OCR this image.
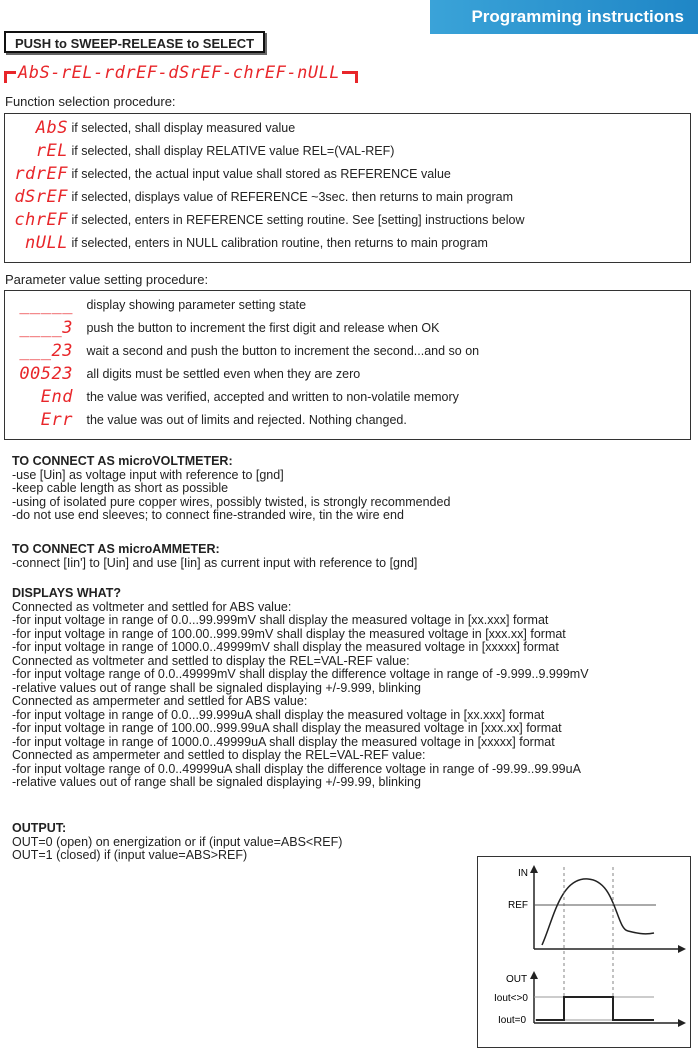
Programming instructions
PUSH to SWEEP-RELEASE to SELECT
AbS-rEL-rdrEF-dSrEF-chrEF-nULL
Function selection procedure:
AbS if selected, shall display measured value
rEL if selected, shall display RELATIVE value REL=(VAL-REF)
rdrEF if selected, the actual input value shall stored as REFERENCE value
dSrEF if selected, displays value of REFERENCE ~3sec. then returns to main program
chrEF if selected, enters in REFERENCE setting routine. See [setting] instructions below
nULL if selected, enters in NULL calibration routine, then returns to main program
Parameter value setting procedure:
_____ display showing parameter setting state
____3 push the button to increment the first digit and release when OK
___23 wait a second and push the button to increment the second...and so on
00523 all digits must be settled even when they are zero
End the value was verified, accepted and written to non-volatile memory
Err the value was out of limits and rejected. Nothing changed.
TO CONNECT AS microVOLTMETER:
-use [Uin] as voltage input with reference to [gnd]
-keep cable length as short as possible
-using of isolated pure copper wires, possibly twisted, is strongly recommended
-do not use end sleeves; to connect fine-stranded wire, tin the wire end
TO CONNECT AS microAMMETER:
-connect [Iin'] to [Uin] and use [Iin] as current input with reference to [gnd]
DISPLAYS WHAT?
Connected as voltmeter and settled for ABS value:
-for input voltage in range of 0.0...99.999mV shall display the measured voltage in [xx.xxx] format
-for input voltage in range of 100.00..999.99mV shall display the measured voltage in [xxx.xx] format
-for input voltage in range of 1000.0..49999mV shall display the measured voltage in [xxxxx] format
Connected as voltmeter and settled to display the REL=VAL-REF value:
-for input voltage range of 0.0..49999mV shall display the difference voltage in range of -9.999..9.999mV
-relative values out of range shall be signaled displaying +/-9.999, blinking
Connected as ampermeter and settled for ABS value:
-for input voltage in range of 0.0...99.999uA shall display the measured voltage in [xx.xxx] format
-for input voltage in range of 100.00..999.99uA shall display the measured voltage in [xxx.xx] format
-for input voltage in range of 1000.0..49999uA shall display the measured voltage in [xxxxx] format
Connected as ampermeter and settled to display the REL=VAL-REF value:
-for input voltage range of 0.0..49999uA shall display the difference voltage in range of -99.99..99.99uA
-relative values out of range shall be signaled displaying +/-99.99, blinking
OUTPUT:
OUT=0 (open) on energization or if (input value=ABS<REF)
OUT=1 (closed) if (input value=ABS>REF)
IN
REF
OUT
Iout<>0
Iout=0
